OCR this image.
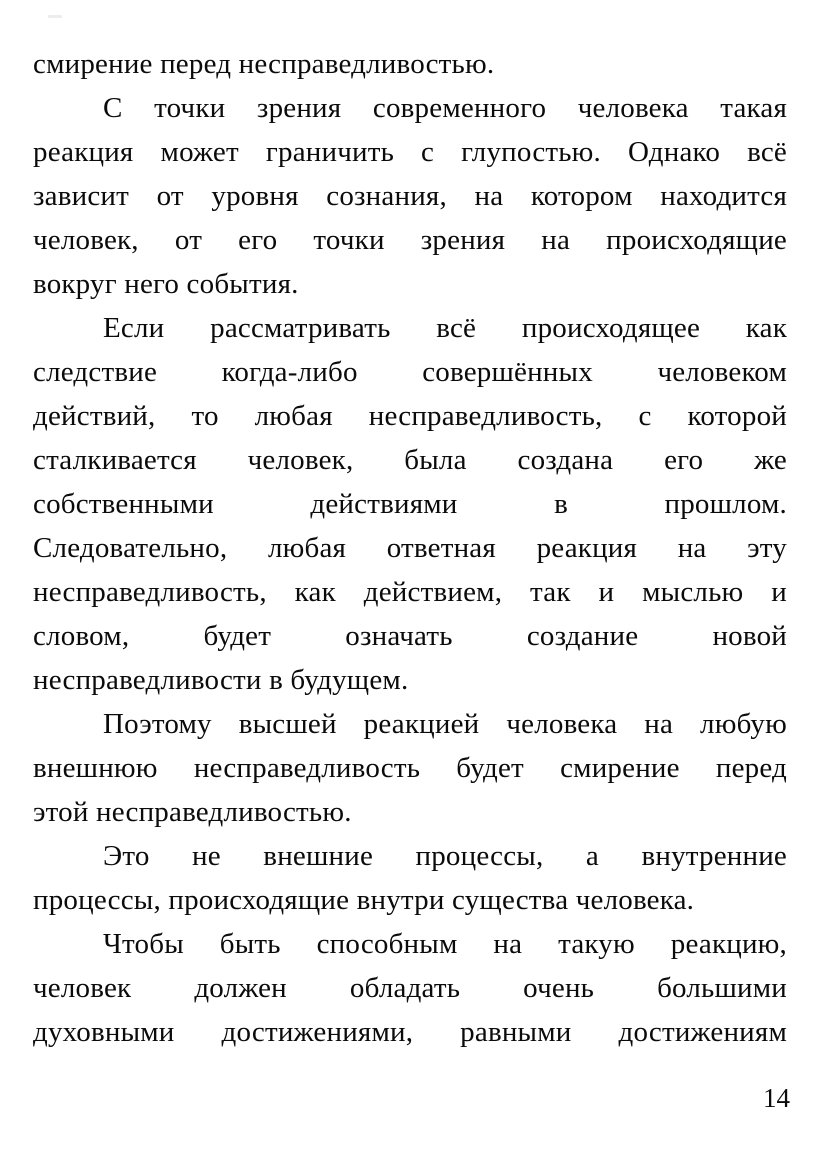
смирение перед несправедливостью.
С точки зрения современного человека такая
реакция может граничить с глупостью. Однако всё
зависит от уровня сознания, на котором находится
человек, от его точки зрения на происходящие
вокруг него события.
Если рассматривать всё происходящее как
следствие когда-либо совершённых человеком
действий, то любая несправедливость, с которой
сталкивается человек, была создана его же
собственными действиями в прошлом.
Следовательно, любая ответная реакция на эту
несправедливость, как действием, так и мыслью и
словом, будет означать создание новой
несправедливости в будущем.
Поэтому высшей реакцией человека на любую
внешнюю несправедливость будет смирение перед
этой несправедливостью.
Это не внешние процессы, а внутренние
процессы, происходящие внутри существа человека.
Чтобы быть способным на такую реакцию,
человек должен обладать очень большими
духовными достижениями, равными достижениям
14
